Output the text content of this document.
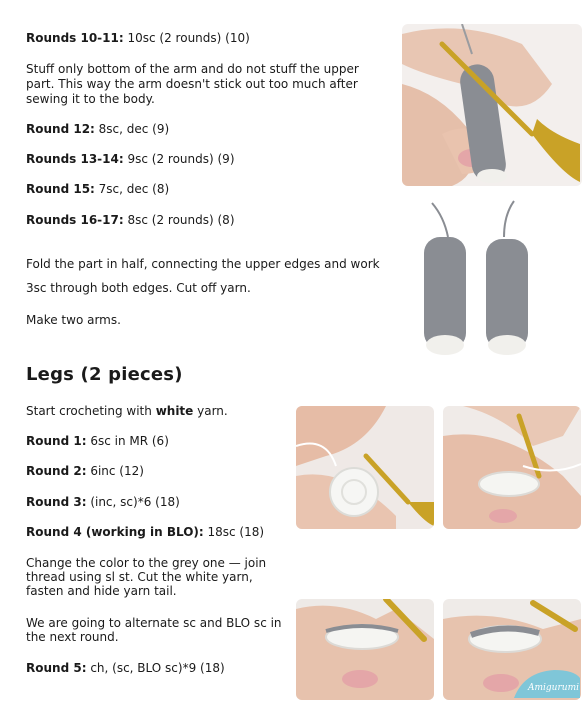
Rounds 10-11: 10sc (2 rounds) (10)
Stuff only bottom of the arm and do not stuff the upper
part. This way the arm doesn't stick out too much after
sewing it to the body.
Round 12: 8sc, dec (9)
Rounds 13-14: 9sc (2 rounds) (9)
Round 15: 7sc, dec (8)
Rounds 16-17: 8sc (2 rounds) (8)
Fold the part in half, connecting the upper edges and work
3sc through both edges. Cut off yarn.
Make two arms.
Legs (2 pieces)
Start crocheting with white yarn.
Round 1: 6sc in MR (6)
Round 2: 6inc (12)
Round 3: (inc, sc)*6 (18)
Round 4 (working in BLO): 18sc (18)
Change the color to the grey one — join
thread using sl st. Cut the white yarn,
fasten and hide yarn tail.
We are going to alternate sc and BLO sc in
the next round.
Round 5: ch, (sc, BLO sc)*9 (18)
Amigurumi
